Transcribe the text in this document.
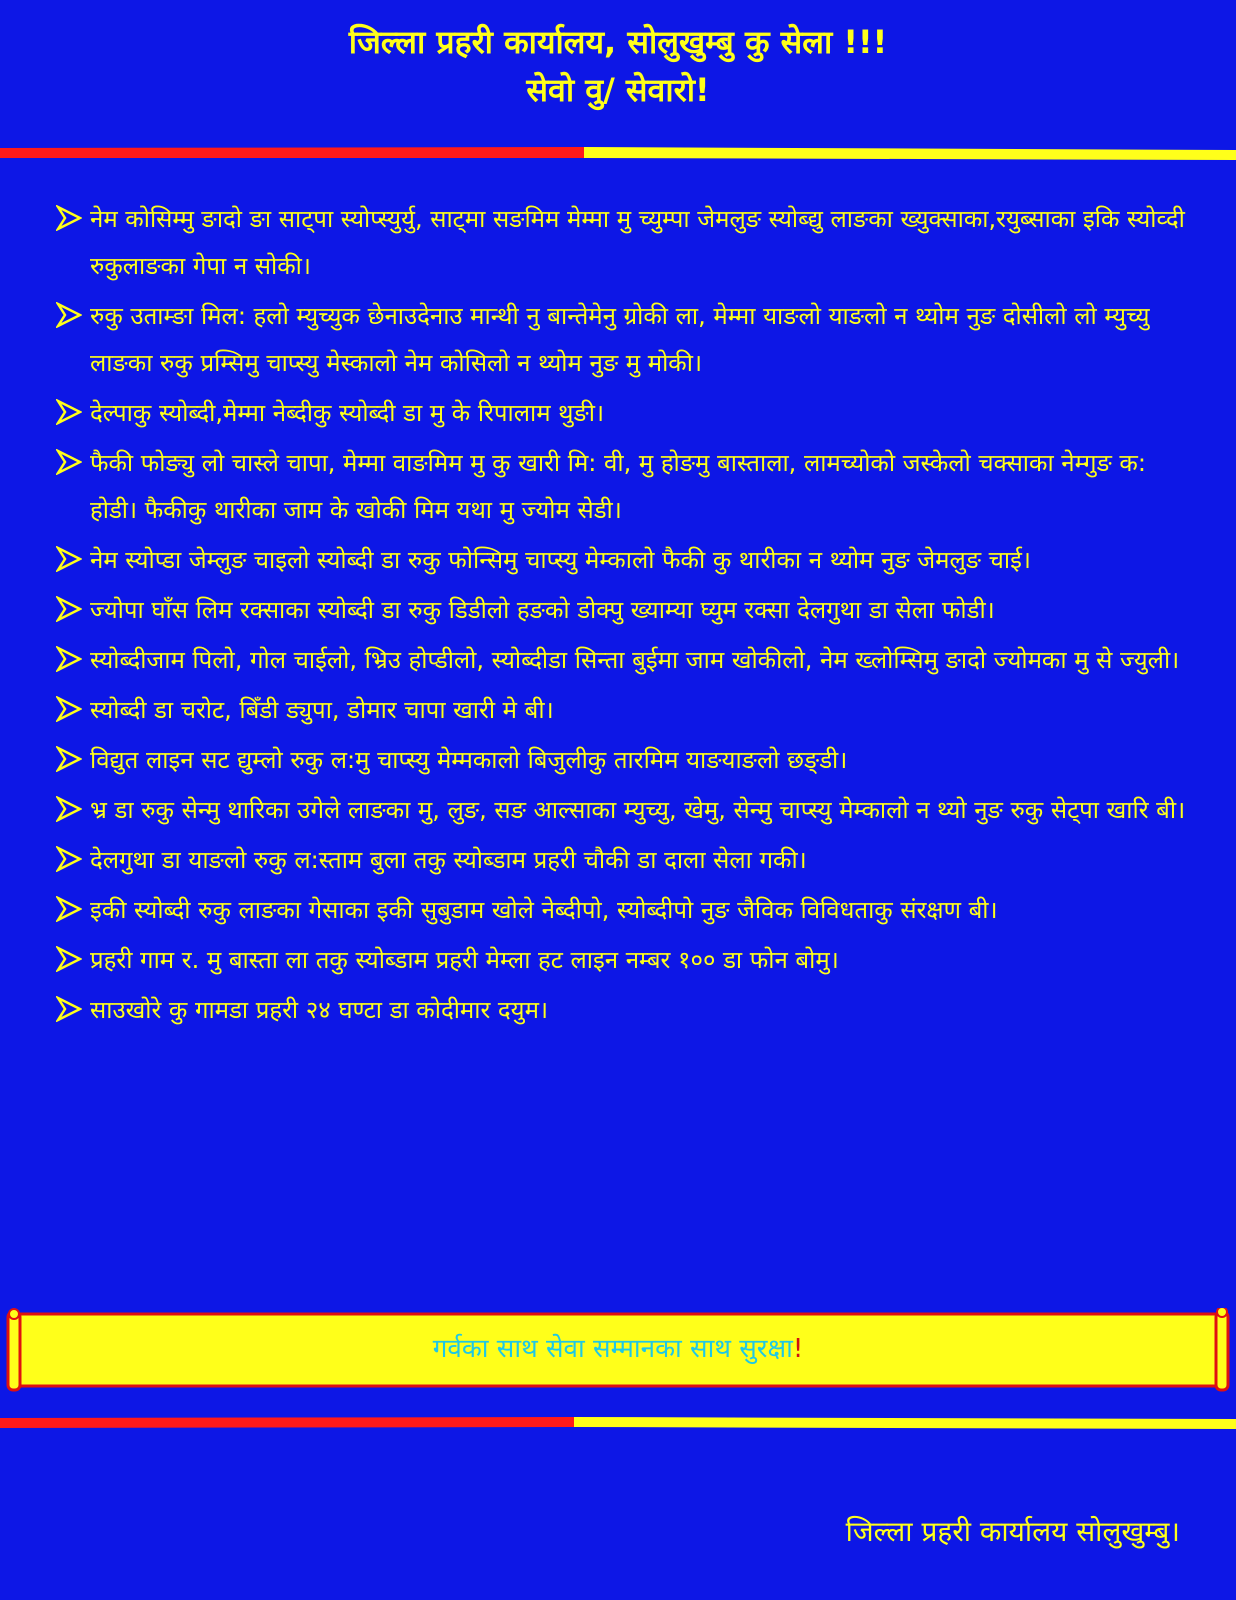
जिल्ला प्रहरी कार्यालय, सोलुखुम्बु कु सेला !!!
सेवो वु/ सेवारो!
नेम कोसिम्मु ङादो ङा साट्पा स्योप्स्युर्यु, साट्मा सङमिम मेम्मा मु च्युम्पा जेमलुङ स्योब्द्यु लाङका ख्युक्साका,रयुब्साका इकि स्योव्दी रुकुलाङका गेपा न सोकी।
रुकु उताम्ङा मिल: हलो म्युच्युक छेनाउदेनाउ मान्थी नु बान्तेमेनु ग्रोकी ला, मेम्मा याङलो याङलो न थ्योम नुङ दोसीलो लो म्युच्यु लाङका रुकु प्रम्सिमु चाप्स्यु मेस्कालो नेम कोसिलो न थ्योम नुङ मु मोकी।
देल्पाकु स्योब्दी,मेम्मा नेब्दीकु स्योब्दी डा मु के रिपालाम थुङी।
फैकी फोङ्यु लो चास्ले चापा, मेम्मा वाङमिम मु कु खारी मि: वी, मु होङमु बास्ताला, लामच्योको जस्केलो चक्साका नेम्गुङ क: होडी। फैकीकु थारीका जाम के खोकी मिम यथा मु ज्योम सेडी।
नेम स्योप्डा जेम्लुङ चाइलो स्योब्दी डा रुकु फोन्सिमु चाप्स्यु मेम्कालो फैकी कु थारीका न थ्योम नुङ जेमलुङ चाई।
ज्योपा घाँस लिम रक्साका स्योब्दी डा रुकु डिडीलो हङको डोक्पु ख्याम्या घ्युम रक्सा देलगुथा डा सेला फोडी।
स्योब्दीजाम पिलो, गोल चाईलो, भ्रिउ होप्डीलो, स्योब्दीडा सिन्ता बुईमा जाम खोकीलो, नेम ख्लोम्सिमु ङादो ज्योमका मु से ज्युली।
स्योब्दी डा चरोट, बिँडी ड्युपा, डोमार चापा खारी मे बी।
विद्युत लाइन सट द्युम्लो रुकु ल:मु चाप्स्यु मेम्मकालो बिजुलीकु तारमिम याङयाङलो छङ्डी।
भ्र डा रुकु सेन्मु थारिका उगेले लाङका मु, लुङ, सङ आल्साका म्युच्यु, खेमु, सेन्मु चाप्स्यु मेम्कालो न थ्यो नुङ रुकु सेट्पा खारि बी।
देलगुथा डा याङलो रुकु ल:स्ताम बुला तकु स्योब्डाम प्रहरी चौकी डा दाला सेला गकी।
इकी स्योब्दी रुकु लाङका गेसाका इकी सुबुडाम खोले नेब्दीपो, स्योब्दीपो नुङ जैविक विविधताकु संरक्षण बी।
प्रहरी गाम र. मु बास्ता ला तकु स्योब्डाम प्रहरी मेम्ला हट लाइन नम्बर १०० डा फोन बोमु।
साउखोरे कु गामडा प्रहरी २४ घण्टा डा कोदीमार दयुम।
गर्वका साथ सेवा सम्मानका साथ सुरक्षा!
जिल्ला प्रहरी कार्यालय सोलुखुम्बु।
